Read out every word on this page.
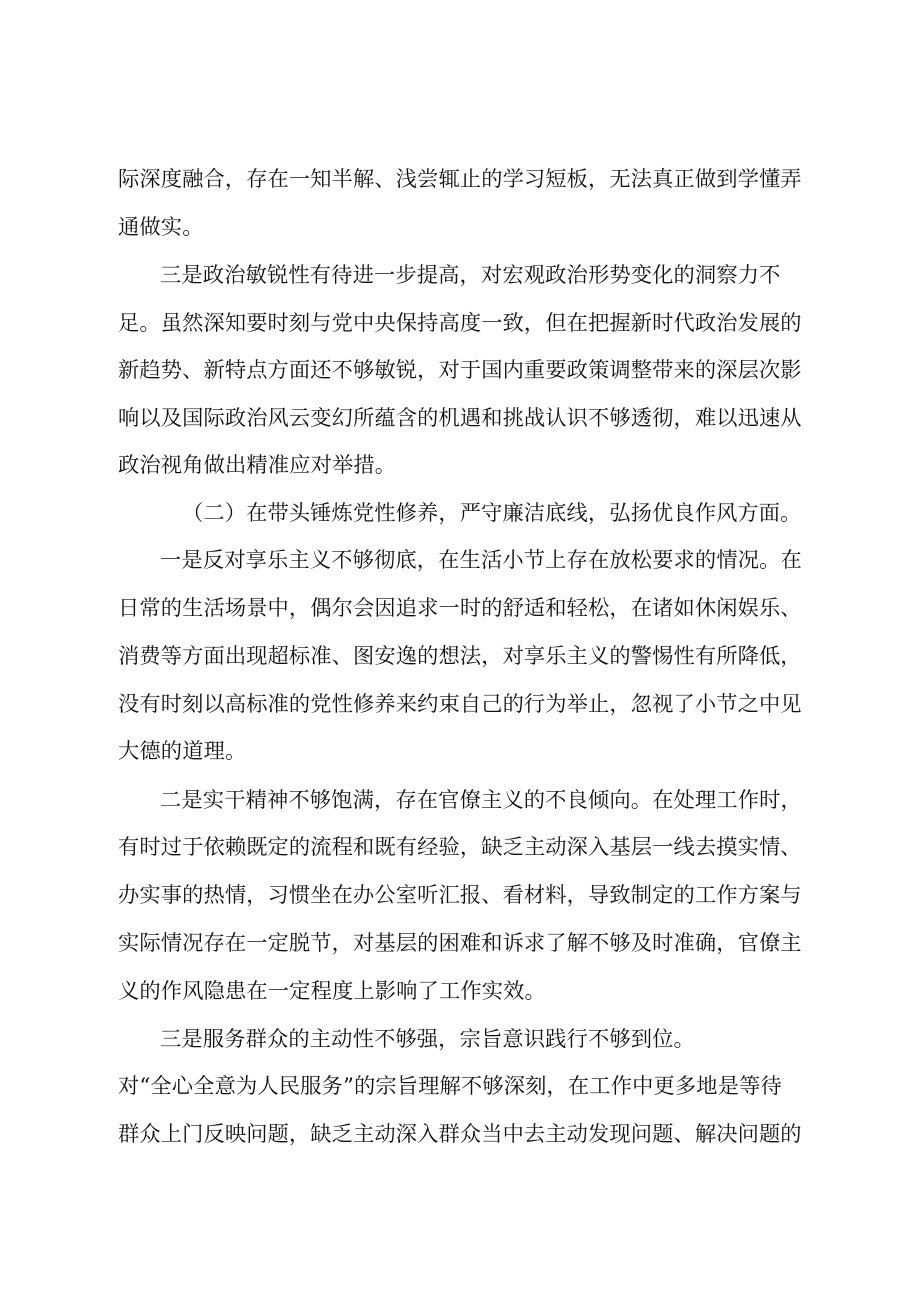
际深度融合，存在一知半解、浅尝辄止的学习短板，无法真正做到学懂弄
通做实。
三是政治敏锐性有待进一步提高，对宏观政治形势变化的洞察力不
足。虽然深知要时刻与党中央保持高度一致，但在把握新时代政治发展的
新趋势、新特点方面还不够敏锐，对于国内重要政策调整带来的深层次影
响以及国际政治风云变幻所蕴含的机遇和挑战认识不够透彻，难以迅速从
政治视角做出精准应对举措。
（二）在带头锤炼党性修养，严守廉洁底线，弘扬优良作风方面。
一是反对享乐主义不够彻底，在生活小节上存在放松要求的情况。在
日常的生活场景中，偶尔会因追求一时的舒适和轻松，在诸如休闲娱乐、
消费等方面出现超标准、图安逸的想法，对享乐主义的警惕性有所降低，
没有时刻以高标准的党性修养来约束自己的行为举止，忽视了小节之中见
大德的道理。
二是实干精神不够饱满，存在官僚主义的不良倾向。在处理工作时，
有时过于依赖既定的流程和既有经验，缺乏主动深入基层一线去摸实情、
办实事的热情，习惯坐在办公室听汇报、看材料，导致制定的工作方案与
实际情况存在一定脱节，对基层的困难和诉求了解不够及时准确，官僚主
义的作风隐患在一定程度上影响了工作实效。
三是服务群众的主动性不够强，宗旨意识践行不够到位。
对“全心全意为人民服务”的宗旨理解不够深刻，在工作中更多地是等待
群众上门反映问题，缺乏主动深入群众当中去主动发现问题、解决问题的
